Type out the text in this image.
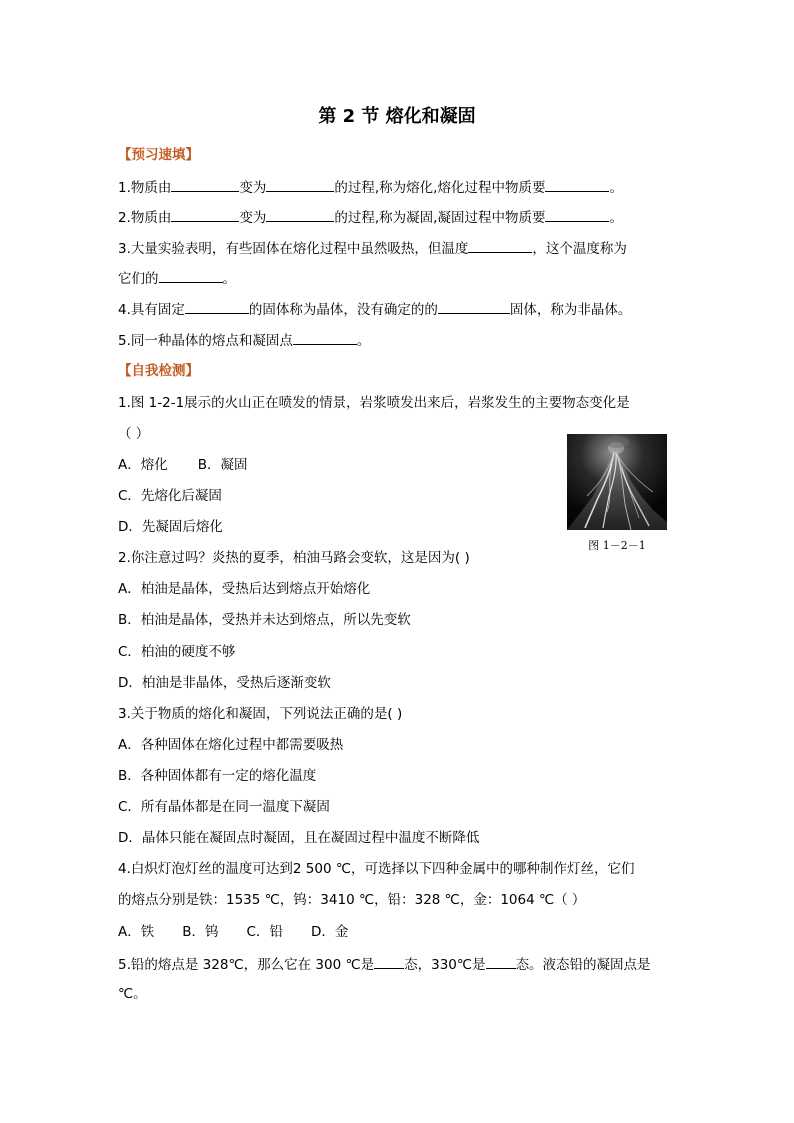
第 2 节 熔化和凝固
【预习速填】
1.物质由	变为	的过程,称为熔化,熔化过程中物质要	。
2.物质由	变为	的过程,称为凝固,凝固过程中物质要	。
3.大量实验表明，有些固体在熔化过程中虽然吸热，但温度	，这个温度称为
它们的	。
4.具有固定	的固体称为晶体，没有确定的的	固体，称为非晶体。
5.同一种晶体的熔点和凝固点	。
【自我检测】
1.图 1-2-1展示的火山正在喷发的情景，岩浆喷发出来后，岩浆发生的主要物态变化是
（ ）
A．熔化 B．凝固
C．先熔化后凝固
D．先凝固后熔化
图 1－2－1
2.你注意过吗？炎热的夏季，柏油马路会变软，这是因为( )
A．柏油是晶体，受热后达到熔点开始熔化
B．柏油是晶体，受热并未达到熔点，所以先变软
C．柏油的硬度不够
D．柏油是非晶体，受热后逐渐变软
3.关于物质的熔化和凝固，下列说法正确的是( )
A．各种固体在熔化过程中都需要吸热
B．各种固体都有一定的熔化温度
C．所有晶体都是在同一温度下凝固
D．晶体只能在凝固点时凝固，且在凝固过程中温度不断降低
4.白炽灯泡灯丝的温度可达到2 500 ℃，可选择以下四种金属中的哪种制作灯丝，它们
的熔点分别是铁：1535 ℃，钨：3410 ℃，铅：328 ℃，金：1064 ℃（ ）
A．铁 B．钨 C．铅 D．金
5.铅的熔点是 328℃，那么它在 300 ℃是 态，330℃是 态。液态铅的凝固点是
℃。
